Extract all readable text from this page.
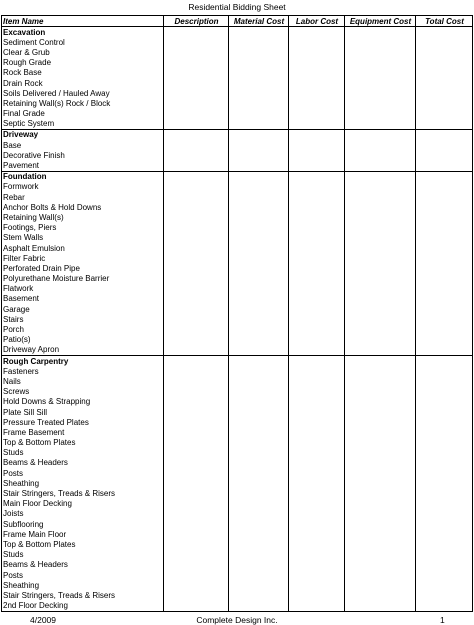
Residential Bidding Sheet
Item Name	Description	Material Cost	Labor Cost	Equipment Cost	Total Cost
Excavation					
Sediment Control					
Clear & Grub					
Rough Grade					
Rock Base					
Drain Rock					
Soils Delivered / Hauled Away					
Retaining Wall(s) Rock / Block					
Final Grade					
Septic System					
Driveway					
Base					
Decorative Finish					
Pavement					
Foundation					
Formwork					
Rebar					
Anchor Bolts & Hold Downs					
Retaining Wall(s)					
Footings, Piers					
Stem Walls					
Asphalt Emulsion					
Filter Fabric					
Perforated Drain Pipe					
Polyurethane Moisture Barrier					
Flatwork					
Basement					
Garage					
Stairs					
Porch					
Patio(s)					
Driveway Apron					
Rough Carpentry					
Fasteners					
Nails					
Screws					
Hold Downs & Strapping					
Plate Sill Sill					
Pressure Treated Plates					
Frame Basement					
Top & Bottom Plates					
Studs					
Beams & Headers					
Posts					
Sheathing					
Stair Stringers, Treads & Risers					
Main Floor Decking					
Joists					
Subflooring					
Frame Main Floor					
Top & Bottom Plates					
Studs					
Beams & Headers					
Posts					
Sheathing					
Stair Stringers, Treads & Risers					
2nd Floor Decking					
4/2009	Complete Design Inc.	1
